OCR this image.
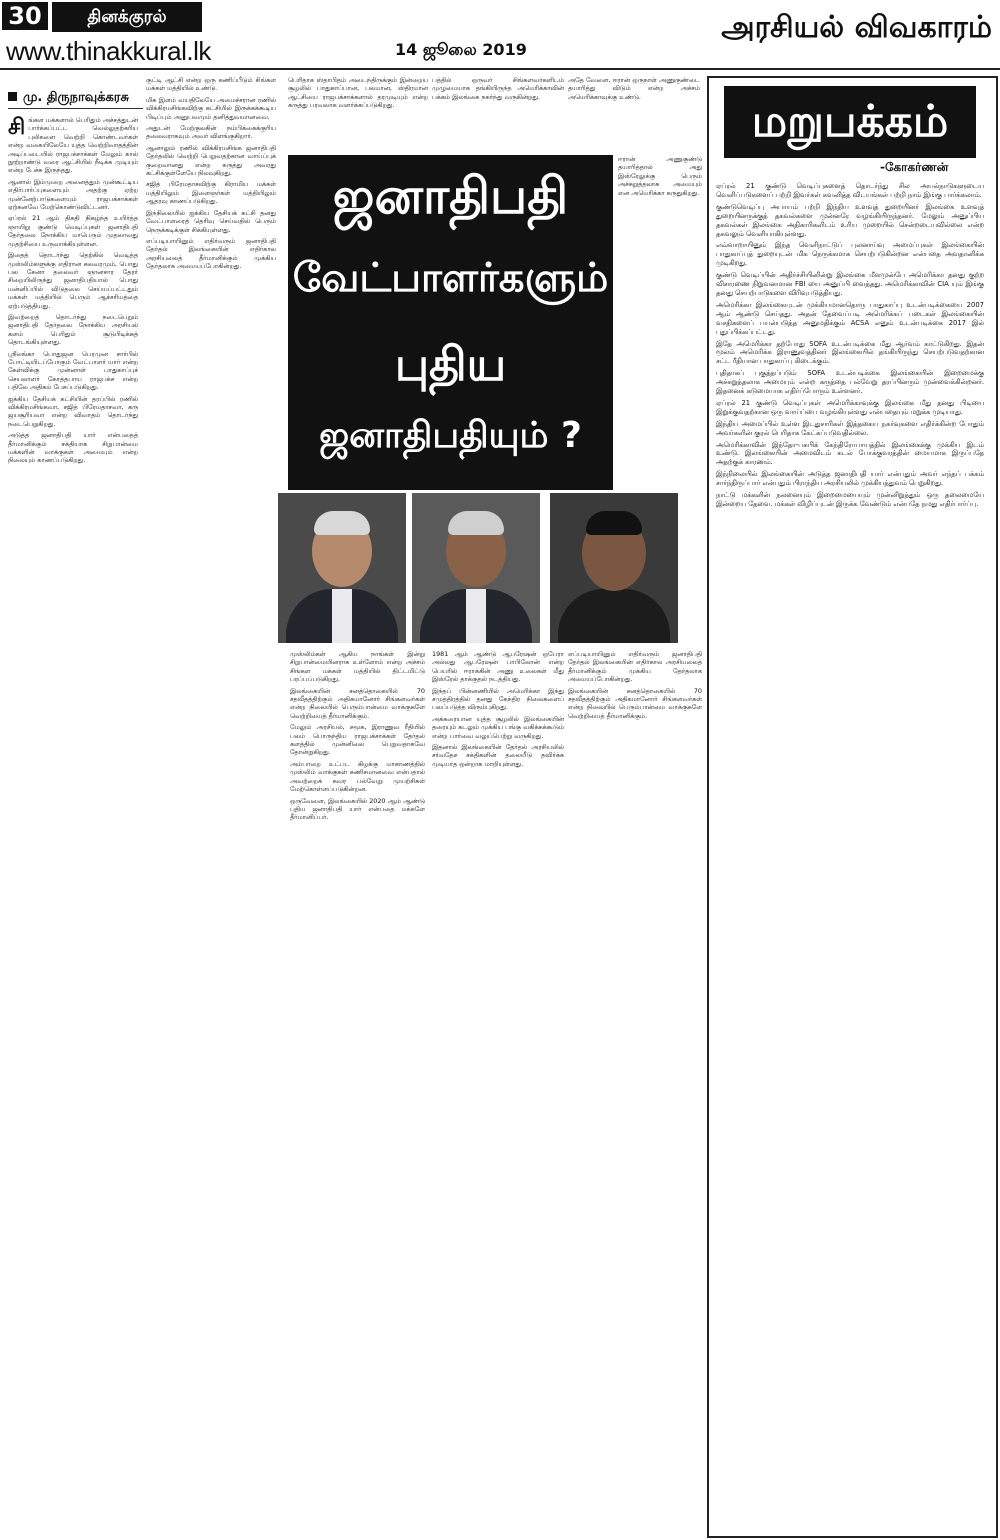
30	தினக்குரல்
www.thinakkural.lk	14 ஜூலை 2019
அரசியல் விவகாரம்
மு. திருநாவுக்கரசு

சிங்கள மக்களால் பெரிதும் அச்சத்துடன் பார்க்கப்பட்ட வெல்லுதற்கரிய புலிகளை வெற்றி கொண்டவர்கள் என்ற வகையிலேயே யுத்த வெற்றிவாதத்தின் அடிப்படையில் ராஜபக்சாக்கள் மேலும் கால் நூற்றாண்டு வரை ஆட்சியில் நீடிக்க முடியும் என்ற பேச்சு இருந்தது.

ஆனால் இம்முறை அனைத்தும் முன்கூட்டிய எதிர்பார்ப்புகளையும் அதற்கு ஏற்ற முன்னேற்பாடுகளையும் ராஜபக்சாக்கள் ஏற்கனவே மேற்கொண்டுவிட்டனர்.

ஏப்ரல் 21 ஆம் திகதி நிகழ்ந்த உயிர்த்த ஞாயிறு குண்டு வெடிப்புகள் ஜனாதிபதி தேர்தலை நோக்கிய மாபெரும் முதலாவது முதற்சியை உருவாக்கியுள்ளன.

இதைத் தொடர்ந்து தெற்கில் வெடித்த முஸ்லிம்களுக்கு எதிரான கலவரமும், பொது பல சேனா தலைவர் ஞானசார தேரர் சிறையிலிருந்து ஜனாதிபதியால் பொது மன்னிப்பில் விடுதலை செய்யப்பட்டதும் மக்கள் மத்தியில் பெரும் ஆச்சரியத்தை ஏற்படுத்தியது.

இவற்றைத் தொடர்ந்து நடைபெறும் ஜனாதிபதி தேர்தலை நோக்கிய அரசியல் களம் பெரிதும் சூடுபிடிக்கத் தொடங்கியுள்ளது.

ஸ்ரீலங்கா பொதுஜன பெரமுன சார்பில் போட்டியிடப்போகும் வேட்பாளர் யார் என்ற கேள்விக்கு முன்னாள் பாதுகாப்புச் செயலாளர் கோத்தபாய ராஜபக்ச என்ற பதிலே அதிகம் பேசப்படுகிறது.

ஐக்கிய தேசியக் கட்சியின் தரப்பில் ரணில் விக்கிரமசிங்கவா, சஜித் பிரேமதாசவா, கரு ஜயசூரியவா என்ற விவாதம் தொடர்ந்து நடைபெறுகிறது.

அடுத்த ஜனாதிபதி யார் என்பதைத் தீர்மானிக்கும் சக்தியாக சிறுபான்மை மக்களின் வாக்குகள் அமையும் என்ற நிலையும் காணப்படுகிறது.

குட்டி ஆட்சி என்ற ஒரு கணிப்பீடும் சிங்கள மக்கள் மத்தியில் உண்டு.

மிக இளம் வயதிலேயே அமைச்சரான ரணில் விக்கிரமசிங்கவிற்கு கட்சியில் இருக்கக்கூடிய பிடிப்பும் அனுபவமும் தனித்துவமானவை.

அதுடன் மேற்குலகின் நம்பிக்கைக்குரிய தலைவராகவும் அவர் விளங்குகிறார்.

ஆனாலும் ரணில் விக்கிரமசிங்க ஜனாதிபதி தேர்தலில் வெற்றி பெறுவதற்கான வாய்ப்புக் குறைவானது என்ற கருத்து அவரது கட்சிக்குள்ளேயே நிலவுகிறது.

சஜித் பிரேமதாசவிற்கு கிராமிய மக்கள் மத்தியிலும் இளைஞர்கள் மத்தியிலும் ஆதரவு காணப்படுகிறது.

இந்நிலையில் ஐக்கிய தேசியக் கட்சி தனது வேட்பாளரைத் தெரிவு செய்வதில் பெரும் நெருக்கடிக்குள் சிக்கியுள்ளது.

எப்படியாயினும் எதிர்வரும் ஜனாதிபதி தேர்தல் இலங்கையின் எதிர்கால அரசியலைத் தீர்மானிக்கும் முக்கிய தேர்தலாக அமையப்போகின்றது.

பெரிதாக ஸ்தாபிதம் அடைந்திருக்கும் இன்றைய சூழலில் பாதுகாப்பான, பலமான, ஸ்திரமான ஆட்சியை ராஜபக்சாக்களால் தரமுடியும் என்ற கருத்து பரவலாக வளர்க்கப்படுகிறது.

முஸ்லிம்கள் ஆகிய நாங்கள் இன்று சிறுபான்மையினராக உள்ளோம் என்ற அச்சம் சிங்கள மக்கள் மத்தியில் திட்டமிட்டு பரப்பப்படுகிறது.

இலங்கையின் சனத்தொகையில் 70 சதவீதத்திற்கும் அதிகமானோர் சிங்களவர்கள் என்ற நிலையில் பெரும்பான்மை வாக்குகளே வெற்றியைத் தீர்மானிக்கும்.

மேலும் அரசியல், சமூக, இராணுவ ரீதியில் பலம் பொருந்திய ராஜபக்சாக்கள் தேர்தல் களத்தில் முன்னிலை பெறுவதாகவே தோன்றுகிறது.

அம்பாறை உட்பட கிழக்கு மாகாணத்தில் முஸ்லிம் வாக்குகள் கணிசமானவை என்பதால் அவற்றைக் கவர பல்வேறு முயற்சிகள் மேற்கொள்ளப்படுகின்றன.

ஒருவேளை, இலங்கையில் 2020 ஆம் ஆண்டு புதிய ஜனாதிபதி யார் என்பதை மக்களே தீர்மானிப்பர்.

பத்தில் ஒருவர் சிங்களவர்களிடம் முழுமையாக தங்கியிருந்த அமெரிக்காவின் பக்கம் இலங்கை நகர்ந்து வருகின்றது.

1981 ஆம் ஆண்டு ஆபரேஷன் ஒபேரா அல்லது ஆபரேஷன் பாபிலோன் என்ற பெயரில் ஈராக்கின் அணு உலைகள் மீது இஸ்ரேல் தாக்குதல் நடத்தியது.

இந்தப் பின்னணியில் அமெரிக்கா இந்து சமுத்திரத்தில் தனது கேந்திர நிலைகளைப் பலப்படுத்த விரும்புகிறது.

அக்கரையான யுத்த சூழலில் இலங்கையின் தரையும் கடலும் முக்கிய பங்கு வகிக்கக்கூடும் என்ற பார்வை வலுப்பெற்று வருகிறது.

இதனால் இலங்கையின் தேர்தல் அரசியலில் சர்வதேச சக்திகளின் தலையீடு தவிர்க்க முடியாத ஒன்றாக மாறியுள்ளது.

அதே வேளை, ஈரான் ஒருநாள் அணுகுண்டை தயாரித்து விடும் என்ற அச்சம் அமெரிக்காவுக்கு உண்டு.

ஈரான் அணுகுண்டு தயாரித்தால் அது இஸ்ரேலுக்கு பெரும் அச்சுறுத்தலாக அமையும் என அமெரிக்கா கருதுகிறது.

எப்படியாயினும் எதிர்வரும் ஜனாதிபதி தேர்தல் இலங்கையின் எதிர்கால அரசியலைத் தீர்மானிக்கும் முக்கிய தேர்தலாக அமையப்போகின்றது.

இலங்கையின் சனத்தொகையில் 70 சதவீதத்திற்கும் அதிகமானோர் சிங்களவர்கள் என்ற நிலையில் பெரும்பான்மை வாக்குகளே வெற்றியைத் தீர்மானிக்கும்.

ஜனாதிபதி
வேட்பாளர்களும்
புதிய
ஜனாதிபதியும் ?
மறுபக்கம்
-கோகர்ணன்

ஏப்ரல் 21 குண்டு வெடிப்புகளைத் தொடர்ந்து சில அயல்நாடுகளுடைய வெளிப்படுகளைப் பற்றி இவர்கள் கவனித்த விடயங்கள் பற்றி நாம் இங்கு பார்க்கலாம்.

குண்டுவெடிப்பு அபாயம் பற்றி இந்திய உளவுத் துறையினர் இலங்கை உளவுத் துறையினருக்குத் தகவல்களை முன்னரே வழங்கியிருந்தனர். மேலும் அனுப்பிய தகவல்கள் இலங்கை அதிகாரிகளிடம் உரிய முறையில் சென்றடையவில்லை என்ற தகவலும் வெளியாகியுள்ளது.

எவ்வாறாயினும் இந்த வெளிநாட்டுப் புலனாய்வு அமைப்புகள் இலங்கையின் பாதுகாப்புத் துறையுடன் மிக நெருக்கமாக செயற்படுகின்றன என்பதை அவதானிக்க முடிகிறது.

குண்டு வெடிப்பின் அதிர்ச்சியினின்று இலங்கை மீளமுன்பே அமெரிக்கா தனது குற்ற விசாரணை நிறுவனமான FBI யை அனுப்பி வைத்தது. அமெரிக்காவின் CIA யும் இங்கு தனது செயற்பாடுகளை விரிவுபடுத்தியது.

அமெரிக்கா இலங்கையுடன் முக்கியமானதொரு பாதுகாப்பு உடன்படிக்கையை 2007 ஆம் ஆண்டு செய்தது. அதன் தேவைப்படி அமெரிக்கப் படைகள் இலங்கையின் வசதிகளைப் பயன்படுத்த அனுமதிக்கும் ACSA எனும் உடன்படிக்கை 2017 இல் புதுப்பிக்கப்பட்டது.

இதே அமெரிக்கா தற்போது SOFA உடன்படிக்கை மீது ஆர்வம் காட்டுகிறது. இதன் மூலம் அமெரிக்க இராணுவத்தினர் இலங்கையில் தங்கியிருந்து செயற்படுவதற்கான சட்ட ரீதியான பாதுகாப்பு கிடைக்கும்.

புதிதாகப் புகுத்தப்படும் SOFA உடன்படிக்கை இலங்கையின் இறைமைக்கு அச்சுறுத்தலாக அமையும் என்ற கருத்தை பல்வேறு தரப்பினரும் முன்வைக்கின்றனர். இதனைக் கடுமையாக எதிர்ப்போரும் உள்ளனர்.

ஏப்ரல் 21 குண்டு வெடிப்புகள் அமெரிக்காவுக்கு இலங்கை மீது தனது பிடியை இறுக்குவதற்கான ஒரு வாய்ப்பை வழங்கியுள்ளது என்பதையும் மறுக்க முடியாது.

இந்திய அமைப்பில் உள்ள இடதுசாரிகள் இத்தகைய நகர்வுகளை எதிர்க்கின்ற போதும் அவர்களின் குரல் பெரிதாக கேட்கப்படுவதில்லை.

அமெரிக்காவின் இந்தோ-பசுபிக் கேந்திரோபாயத்தில் இலங்கைக்கு முக்கிய இடம் உண்டு. இலங்கையின் அமைவிடம் கடல் போக்குவரத்தின் மையமாக இருப்பதே அதற்குக் காரணம்.

இந்நிலையில் இலங்கையின் அடுத்த ஜனாதிபதி யார் என்பதும் அவர் எந்தப் பக்கம் சார்ந்திருப்பார் என்பதும் பிராந்திய அரசியலில் முக்கியத்துவம் பெறுகிறது.

நாட்டு மக்களின் நலனையும் இறைமையையும் முன்னிறுத்தும் ஒரு தலைமையே இன்றைய தேவை. மக்கள் விழிப்புடன் இருக்க வேண்டும் என்பதே நமது எதிர்பார்ப்பு.
